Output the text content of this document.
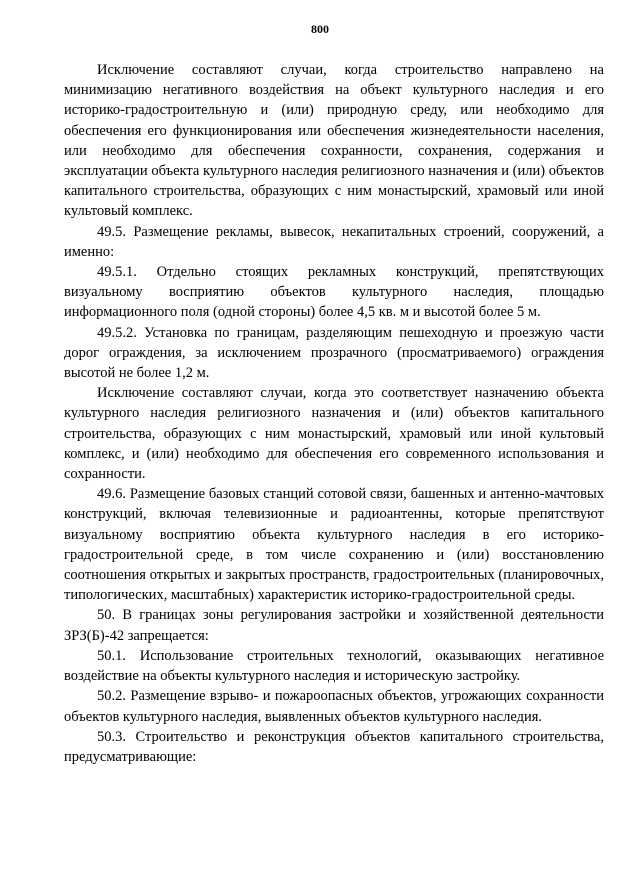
800

Исключение составляют случаи, когда строительство направлено на минимизацию негативного воздействия на объект культурного наследия и его историко-градостроительную и (или) природную среду, или необходимо для обеспечения его функционирования или обеспечения жизнедеятельности населения, или необходимо для обеспечения сохранности, сохранения, содержания и эксплуатации объекта культурного наследия религиозного назначения и (или) объектов капитального строительства, образующих с ним монастырский, храмовый или иной культовый комплекс.

49.5. Размещение рекламы, вывесок, некапитальных строений, сооружений, а именно:

49.5.1. Отдельно стоящих рекламных конструкций, препятствующих визуальному восприятию объектов культурного наследия, площадью информационного поля (одной стороны) более 4,5 кв. м и высотой более 5 м.

49.5.2. Установка по границам, разделяющим пешеходную и проезжую части дорог ограждения, за исключением прозрачного (просматриваемого) ограждения высотой не более 1,2 м.

Исключение составляют случаи, когда это соответствует назначению объекта культурного наследия религиозного назначения и (или) объектов капитального строительства, образующих с ним монастырский, храмовый или иной культовый комплекс, и (или) необходимо для обеспечения его современного использования и сохранности.

49.6. Размещение базовых станций сотовой связи, башенных и антенно-мачтовых конструкций, включая телевизионные и радиоантенны, которые препятствуют визуальному восприятию объекта культурного наследия в его историко-градостроительной среде, в том числе сохранению и (или) восстановлению соотношения открытых и закрытых пространств, градостроительных (планировочных, типологических, масштабных) характеристик историко-градостроительной среды.

50. В границах зоны регулирования застройки и хозяйственной деятельности ЗРЗ(Б)-42 запрещается:

50.1. Использование строительных технологий, оказывающих негативное воздействие на объекты культурного наследия и историческую застройку.

50.2. Размещение взрыво- и пожароопасных объектов, угрожающих сохранности объектов культурного наследия, выявленных объектов культурного наследия.

50.3. Строительство и реконструкция объектов капитального строительства, предусматривающие:
